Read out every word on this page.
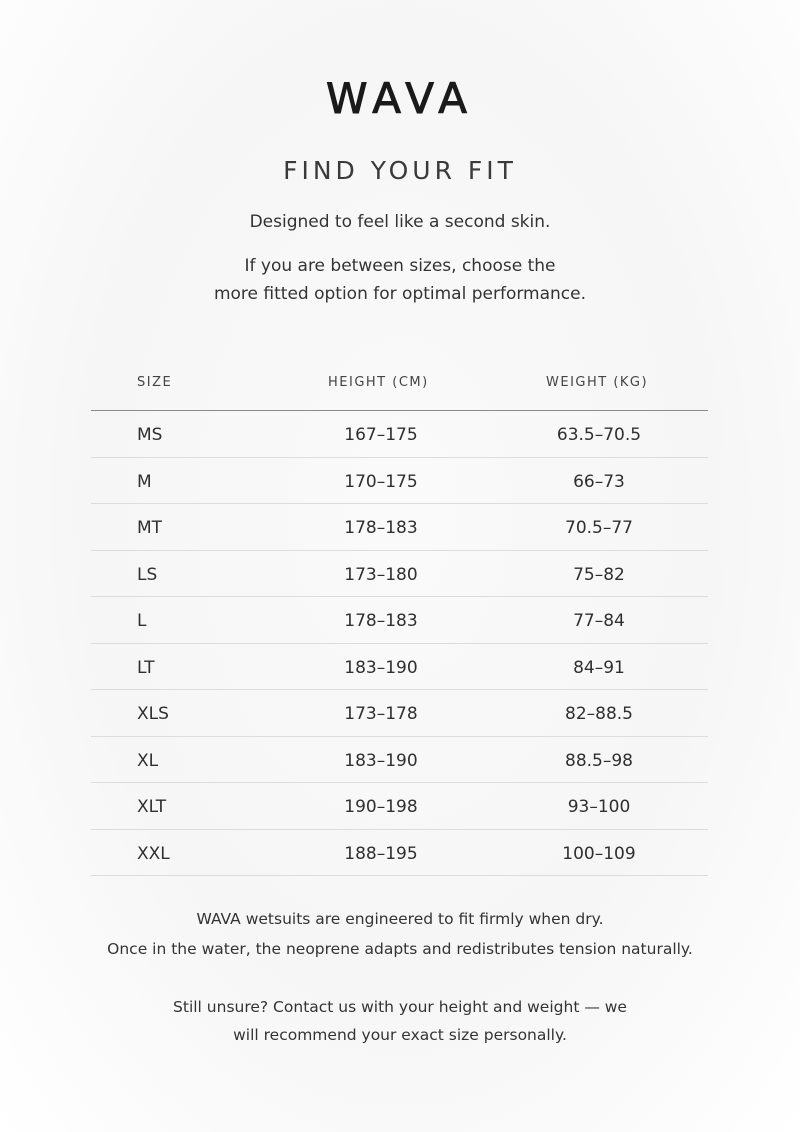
WAVA
FIND YOUR FIT
Designed to feel like a second skin.
If you are between sizes, choose the
more fitted option for optimal performance.
SIZE	HEIGHT (CM)	WEIGHT (KG)
MS	167–175	63.5–70.5
M	170–175	66–73
MT	178–183	70.5–77
LS	173–180	75–82
L	178–183	77–84
LT	183–190	84–91
XLS	173–178	82–88.5
XL	183–190	88.5–98
XLT	190–198	93–100
XXL	188–195	100–109
WAVA wetsuits are engineered to fit firmly when dry.
Once in the water, the neoprene adapts and redistributes tension naturally.
Still unsure? Contact us with your height and weight — we
will recommend your exact size personally.
